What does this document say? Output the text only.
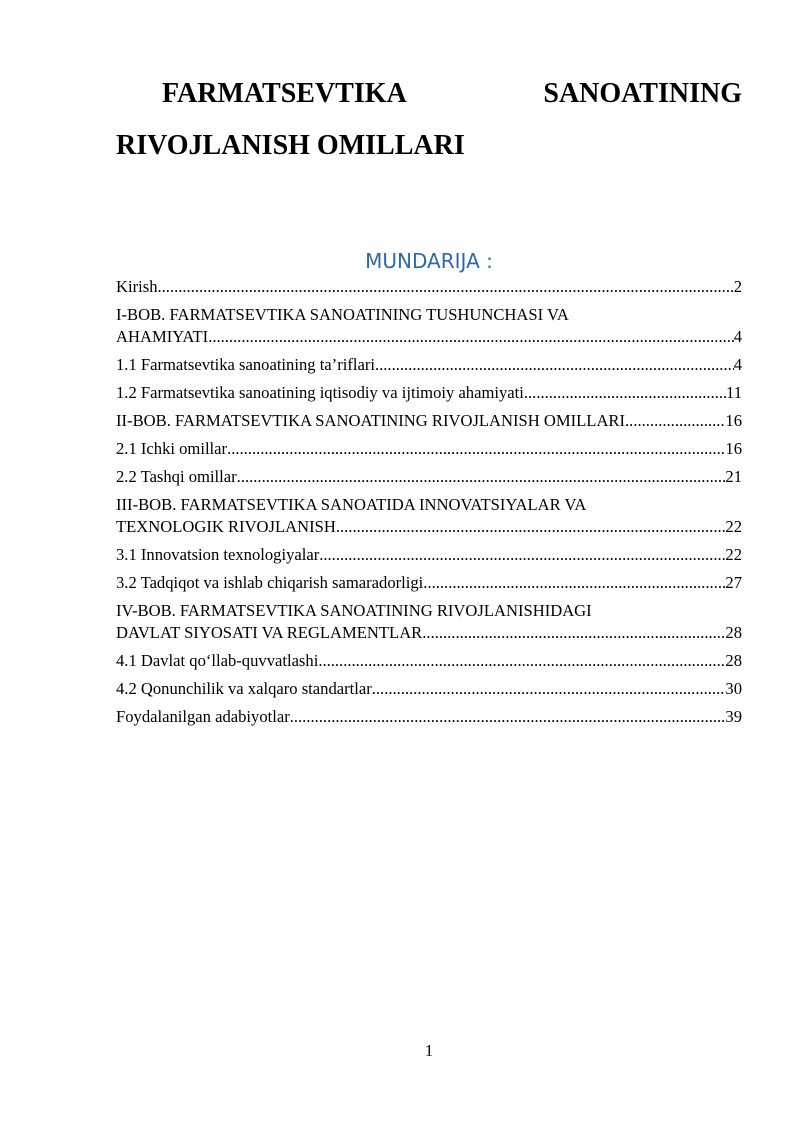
FARMATSEVTIKA	SANOATINING
RIVOJLANISH OMILLARI
MUNDARIJA :
Kirish .....	2
I-BOB. FARMATSEVTIKA SANOATINING TUSHUNCHASI VA
AHAMIYATI .....	4
1.1 Farmatsevtika sanoatining ta’riflari .....	4
1.2 Farmatsevtika sanoatining iqtisodiy va ijtimoiy ahamiyati .....	11
II-BOB. FARMATSEVTIKA SANOATINING RIVOJLANISH OMILLARI .....	16
2.1 Ichki omillar .....	16
2.2 Tashqi omillar .....	21
III-BOB. FARMATSEVTIKA SANOATIDA INNOVATSIYALAR VA
TEXNOLOGIK RIVOJLANISH .....	22
3.1 Innovatsion texnologiyalar .....	22
3.2 Tadqiqot va ishlab chiqarish samaradorligi .....	27
IV-BOB. FARMATSEVTIKA SANOATINING RIVOJLANISHIDAGI
DAVLAT SIYOSATI VA REGLAMENTLAR .....	28
4.1 Davlat qo‘llab-quvvatlashi .....	28
4.2 Qonunchilik va xalqaro standartlar .....	30
Foydalanilgan adabiyotlar .....	39
1
